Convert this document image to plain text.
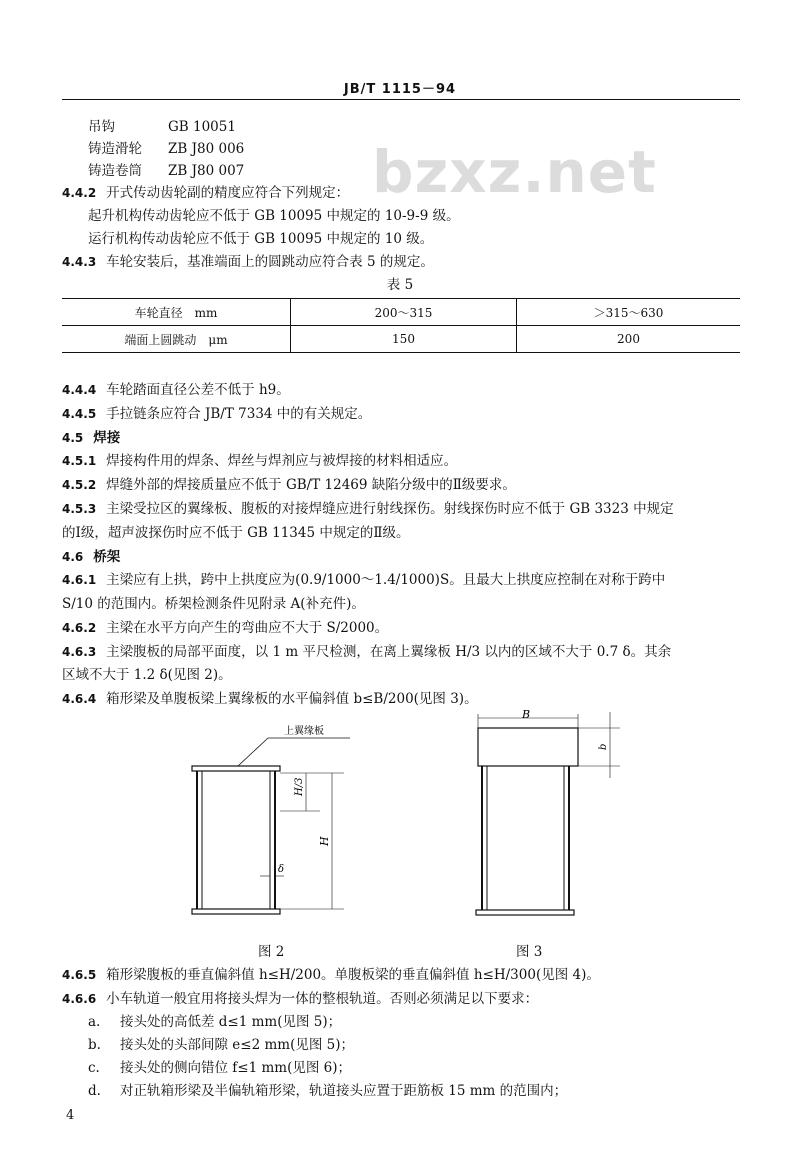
JB/T 1115－94
bzxz.net
吊钩	GB 10051
铸造滑轮 ZB J80 006
铸造卷筒 ZB J80 007
4.4.2 开式传动齿轮副的精度应符合下列规定：
起升机构传动齿轮应不低于 GB 10095 中规定的 10-9-9 级。
运行机构传动齿轮应不低于 GB 10095 中规定的 10 级。
4.4.3 车轮安装后，基准端面上的圆跳动应符合表 5 的规定。
表 5
车轮直径　mm	200～315	＞315～630
端面上圆跳动　μm	150	200
4.4.4 车轮踏面直径公差不低于 h9。
4.4.5 手拉链条应符合 JB/T 7334 中的有关规定。
4.5 焊接
4.5.1 焊接构件用的焊条、焊丝与焊剂应与被焊接的材料相适应。
4.5.2 焊缝外部的焊接质量应不低于 GB/T 12469 缺陷分级中的Ⅱ级要求。
4.5.3 主梁受拉区的翼缘板、腹板的对接焊缝应进行射线探伤。射线探伤时应不低于 GB 3323 中规定
的Ⅰ级，超声波探伤时应不低于 GB 11345 中规定的Ⅱ级。
4.6 桥架
4.6.1 主梁应有上拱，跨中上拱度应为(0.9/1000～1.4/1000)S。且最大上拱度应控制在对称于跨中
S/10 的范围内。桥架检测条件见附录 A(补充件)。
4.6.2 主梁在水平方向产生的弯曲应不大于 S/2000。
4.6.3 主梁腹板的局部平面度，以 1 m 平尺检测，在离上翼缘板 H/3 以内的区域不大于 0.7 δ。其余
区域不大于 1.2 δ(见图 2)。
4.6.4 箱形梁及单腹板梁上翼缘板的水平偏斜值 b≤B/200(见图 3)。
上翼缘板
H/3
H
δ
图 2
B
b
图 3
4.6.5 箱形梁腹板的垂直偏斜值 h≤H/200。单腹板梁的垂直偏斜值 h≤H/300(见图 4)。
4.6.6 小车轨道一般宜用将接头焊为一体的整根轨道。否则必须满足以下要求：
a. 接头处的高低差 d≤1 mm(见图 5)；
b. 接头处的头部间隙 e≤2 mm(见图 5)；
c. 接头处的侧向错位 f≤1 mm(见图 6)；
d. 对正轨箱形梁及半偏轨箱形梁，轨道接头应置于距筋板 15 mm 的范围内；
4
